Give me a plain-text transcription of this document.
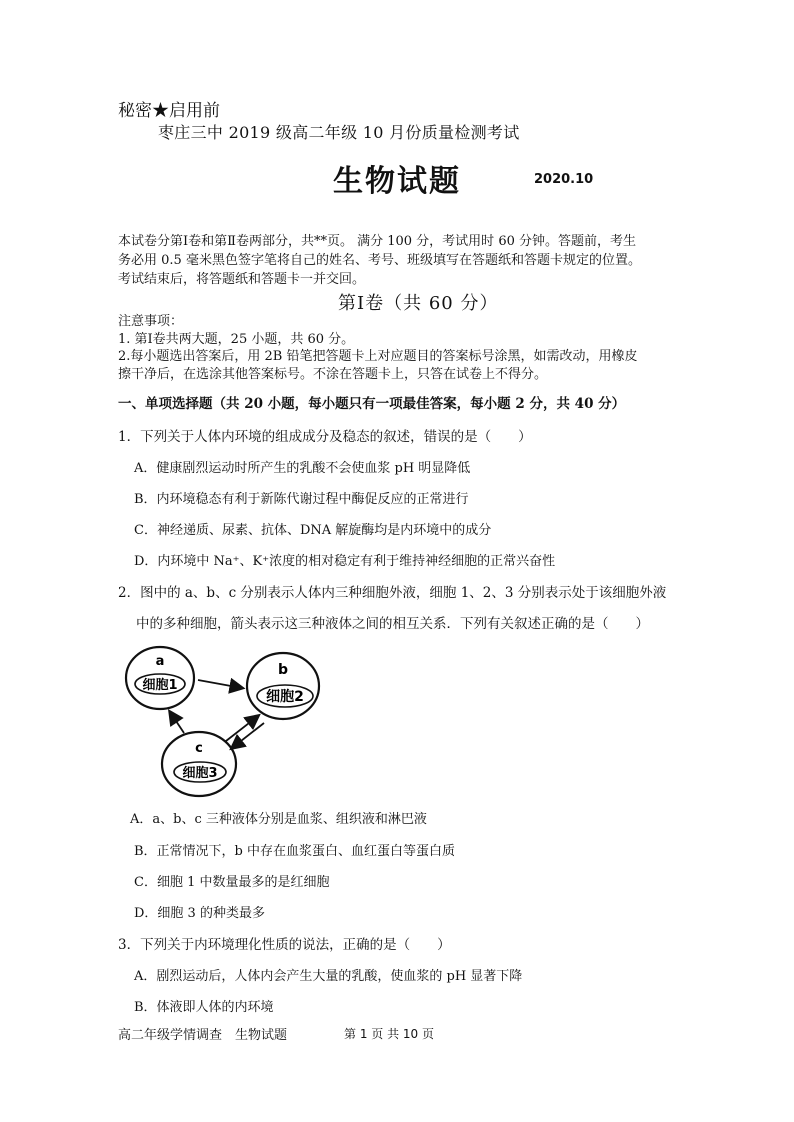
秘密★启用前
枣庄三中 2019 级高二年级 10 月份质量检测考试
生物试题	2020.10
本试卷分第Ⅰ卷和第Ⅱ卷两部分，共**页。 满分 100 分，考试用时 60 分钟。答题前，考生
务必用 0.5 毫米黑色签字笔将自己的姓名、考号、班级填写在答题纸和答题卡规定的位置。
考试结束后，将答题纸和答题卡一并交回。
第Ⅰ卷（共 60 分）
注意事项：
1. 第Ⅰ卷共两大题，25 小题，共 60 分。
2.每小题选出答案后，用 2B 铅笔把答题卡上对应题目的答案标号涂黑，如需改动，用橡皮
擦干净后，在选涂其他答案标号。不涂在答题卡上，只答在试卷上不得分。
一、单项选择题（共 20 小题，每小题只有一项最佳答案，每小题 2 分，共 40 分）
1．下列关于人体内环境的组成成分及稳态的叙述，错误的是（　　）
A．健康剧烈运动时所产生的乳酸不会使血浆 pH 明显降低
B．内环境稳态有利于新陈代谢过程中酶促反应的正常进行
C．神经递质、尿素、抗体、DNA 解旋酶均是内环境中的成分
D．内环境中 Na⁺、K⁺浓度的相对稳定有利于维持神经细胞的正常兴奋性
2．图中的 a、b、c 分别表示人体内三种细胞外液，细胞 1、2、3 分别表示处于该细胞外液
中的多种细胞，箭头表示这三种液体之间的相互关系．下列有关叙述正确的是（　　）
a
细胞1
b
细胞2
c
细胞3
A．a、b、c 三种液体分别是血浆、组织液和淋巴液
B．正常情况下，b 中存在血浆蛋白、血红蛋白等蛋白质
C．细胞 1 中数量最多的是红细胞
D．细胞 3 的种类最多
3．下列关于内环境理化性质的说法，正确的是（　　）
A．剧烈运动后，人体内会产生大量的乳酸，使血浆的 pH 显著下降
B．体液即人体的内环境
高二年级学情调查　生物试题	第 1 页 共 10 页
